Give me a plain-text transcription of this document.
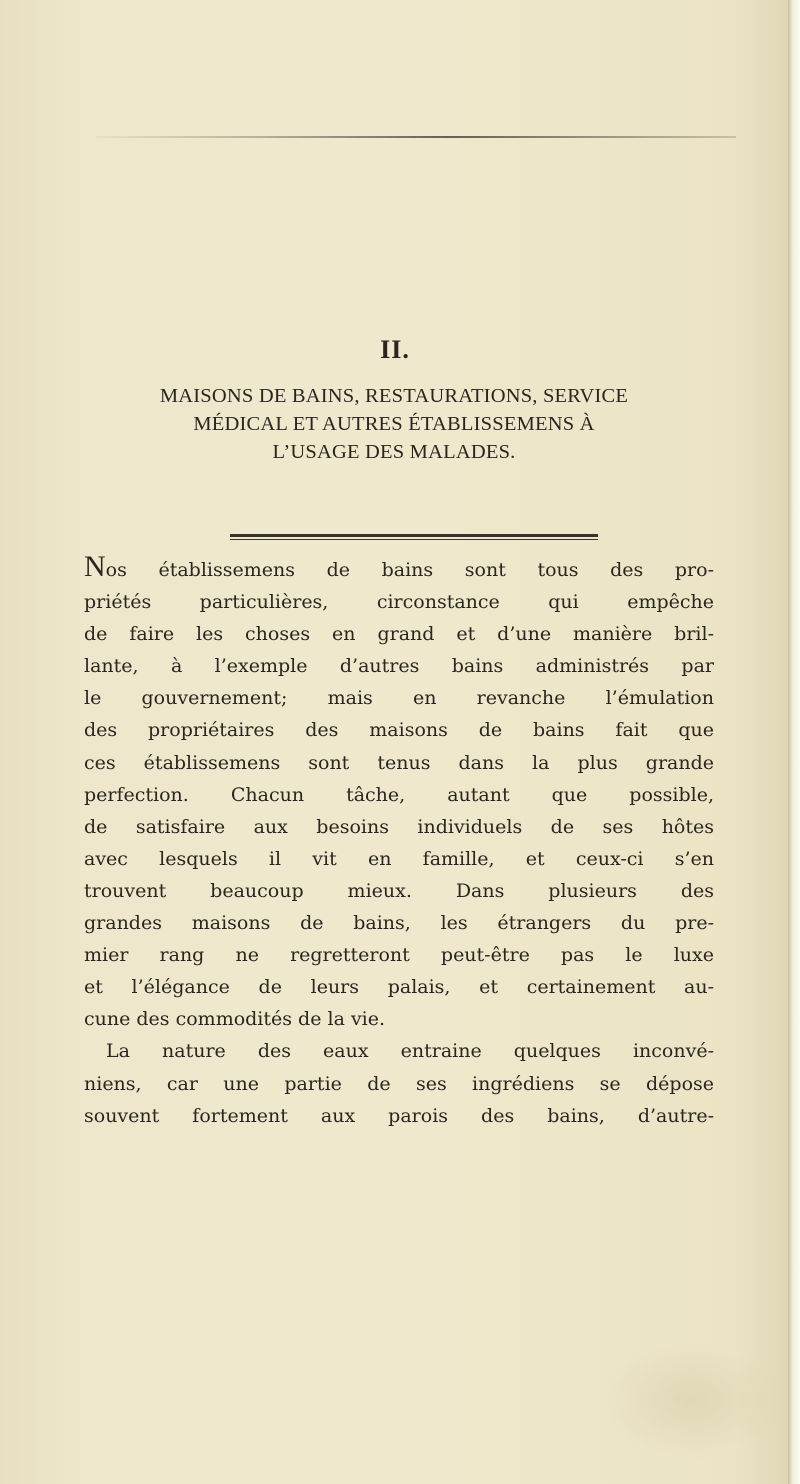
II.
MAISONS DE BAINS, RESTAURATIONS, SERVICE
MÉDICAL ET AUTRES ÉTABLISSEMENS À
L’USAGE DES MALADES.
Nos établissemens de bains sont tous des pro-
priétés particulières, circonstance qui empêche
de faire les choses en grand et d’une manière bril-
lante, à l’exemple d’autres bains administrés par
le gouvernement; mais en revanche l’émulation
des propriétaires des maisons de bains fait que
ces établissemens sont tenus dans la plus grande
perfection. Chacun tâche, autant que possible,
de satisfaire aux besoins individuels de ses hôtes
avec lesquels il vit en famille, et ceux-ci s’en
trouvent beaucoup mieux. Dans plusieurs des
grandes maisons de bains, les étrangers du pre-
mier rang ne regretteront peut-être pas le luxe
et l’élégance de leurs palais, et certainement au-
cune des commodités de la vie.
La nature des eaux entraine quelques inconvé-
niens, car une partie de ses ingrédiens se dépose
souvent fortement aux parois des bains, d’autre-
